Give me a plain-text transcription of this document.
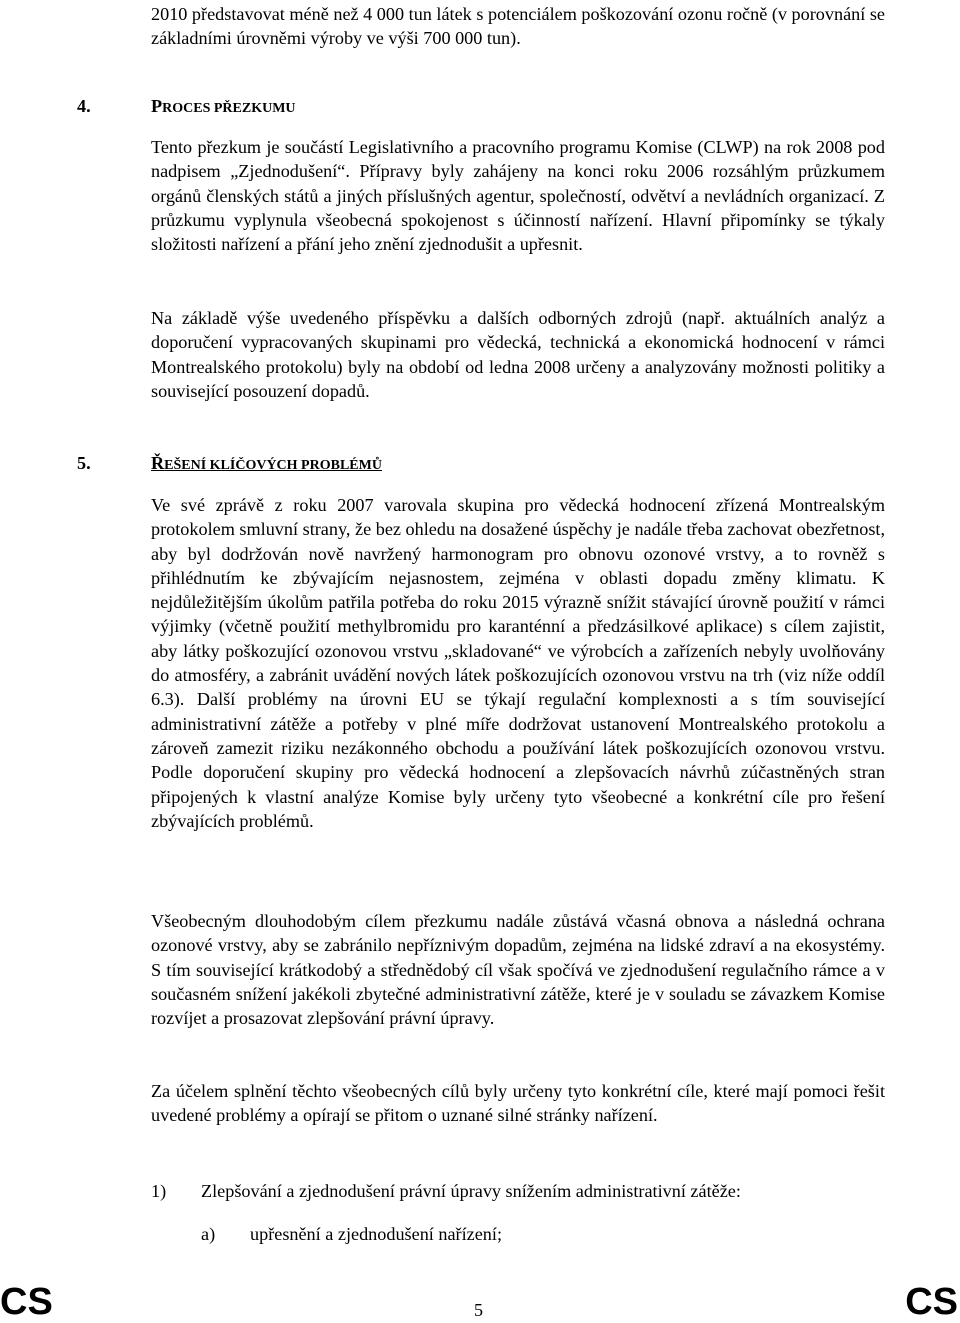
2010 představovat méně než 4 000 tun látek s potenciálem poškozování ozonu ročně (v porovnání se základními úrovněmi výroby ve výši 700 000 tun).

4.	PROCES PŘEZKUMU

Tento přezkum je součástí Legislativního a pracovního programu Komise (CLWP) na rok 2008 pod nadpisem „Zjednodušení“. Přípravy byly zahájeny na konci roku 2006 rozsáhlým průzkumem orgánů členských států a jiných příslušných agentur, společností, odvětví a nevládních organizací. Z průzkumu vyplynula všeobecná spokojenost s účinností nařízení. Hlavní připomínky se týkaly složitosti nařízení a přání jeho znění zjednodušit a upřesnit.

Na základě výše uvedeného příspěvku a dalších odborných zdrojů (např. aktuálních analýz a doporučení vypracovaných skupinami pro vědecká, technická a ekonomická hodnocení v rámci Montrealského protokolu) byly na období od ledna 2008 určeny a analyzovány možnosti politiky a související posouzení dopadů.

5.	ŘEŠENÍ KLÍČOVÝCH PROBLÉMŮ

Ve své zprávě z roku 2007 varovala skupina pro vědecká hodnocení zřízená Montrealským protokolem smluvní strany, že bez ohledu na dosažené úspěchy je nadále třeba zachovat obezřetnost, aby byl dodržován nově navržený harmonogram pro obnovu ozonové vrstvy, a to rovněž s přihlédnutím ke zbývajícím nejasnostem, zejména v oblasti dopadu změny klimatu. K nejdůležitějším úkolům patřila potřeba do roku 2015 výrazně snížit stávající úrovně použití v rámci výjimky (včetně použití methylbromidu pro karanténní a předzásilkové aplikace) s cílem zajistit, aby látky poškozující ozonovou vrstvu „skladované“ ve výrobcích a zařízeních nebyly uvolňovány do atmosféry, a zabránit uvádění nových látek poškozujících ozonovou vrstvu na trh (viz níže oddíl 6.3). Další problémy na úrovni EU se týkají regulační komplexnosti a s tím související administrativní zátěže a potřeby v plné míře dodržovat ustanovení Montrealského protokolu a zároveň zamezit riziku nezákonného obchodu a používání látek poškozujících ozonovou vrstvu. Podle doporučení skupiny pro vědecká hodnocení a zlepšovacích návrhů zúčastněných stran připojených k vlastní analýze Komise byly určeny tyto všeobecné a konkrétní cíle pro řešení zbývajících problémů.

Všeobecným dlouhodobým cílem přezkumu nadále zůstává včasná obnova a následná ochrana ozonové vrstvy, aby se zabránilo nepříznivým dopadům, zejména na lidské zdraví a na ekosystémy. S tím související krátkodobý a střednědobý cíl však spočívá ve zjednodušení regulačního rámce a v současném snížení jakékoli zbytečné administrativní zátěže, které je v souladu se závazkem Komise rozvíjet a prosazovat zlepšování právní úpravy.

Za účelem splnění těchto všeobecných cílů byly určeny tyto konkrétní cíle, které mají pomoci řešit uvedené problémy a opírají se přitom o uznané silné stránky nařízení.

1) Zlepšování a zjednodušení právní úpravy snížením administrativní zátěže:
a) upřesnění a zjednodušení nařízení;
CS	5	CS
